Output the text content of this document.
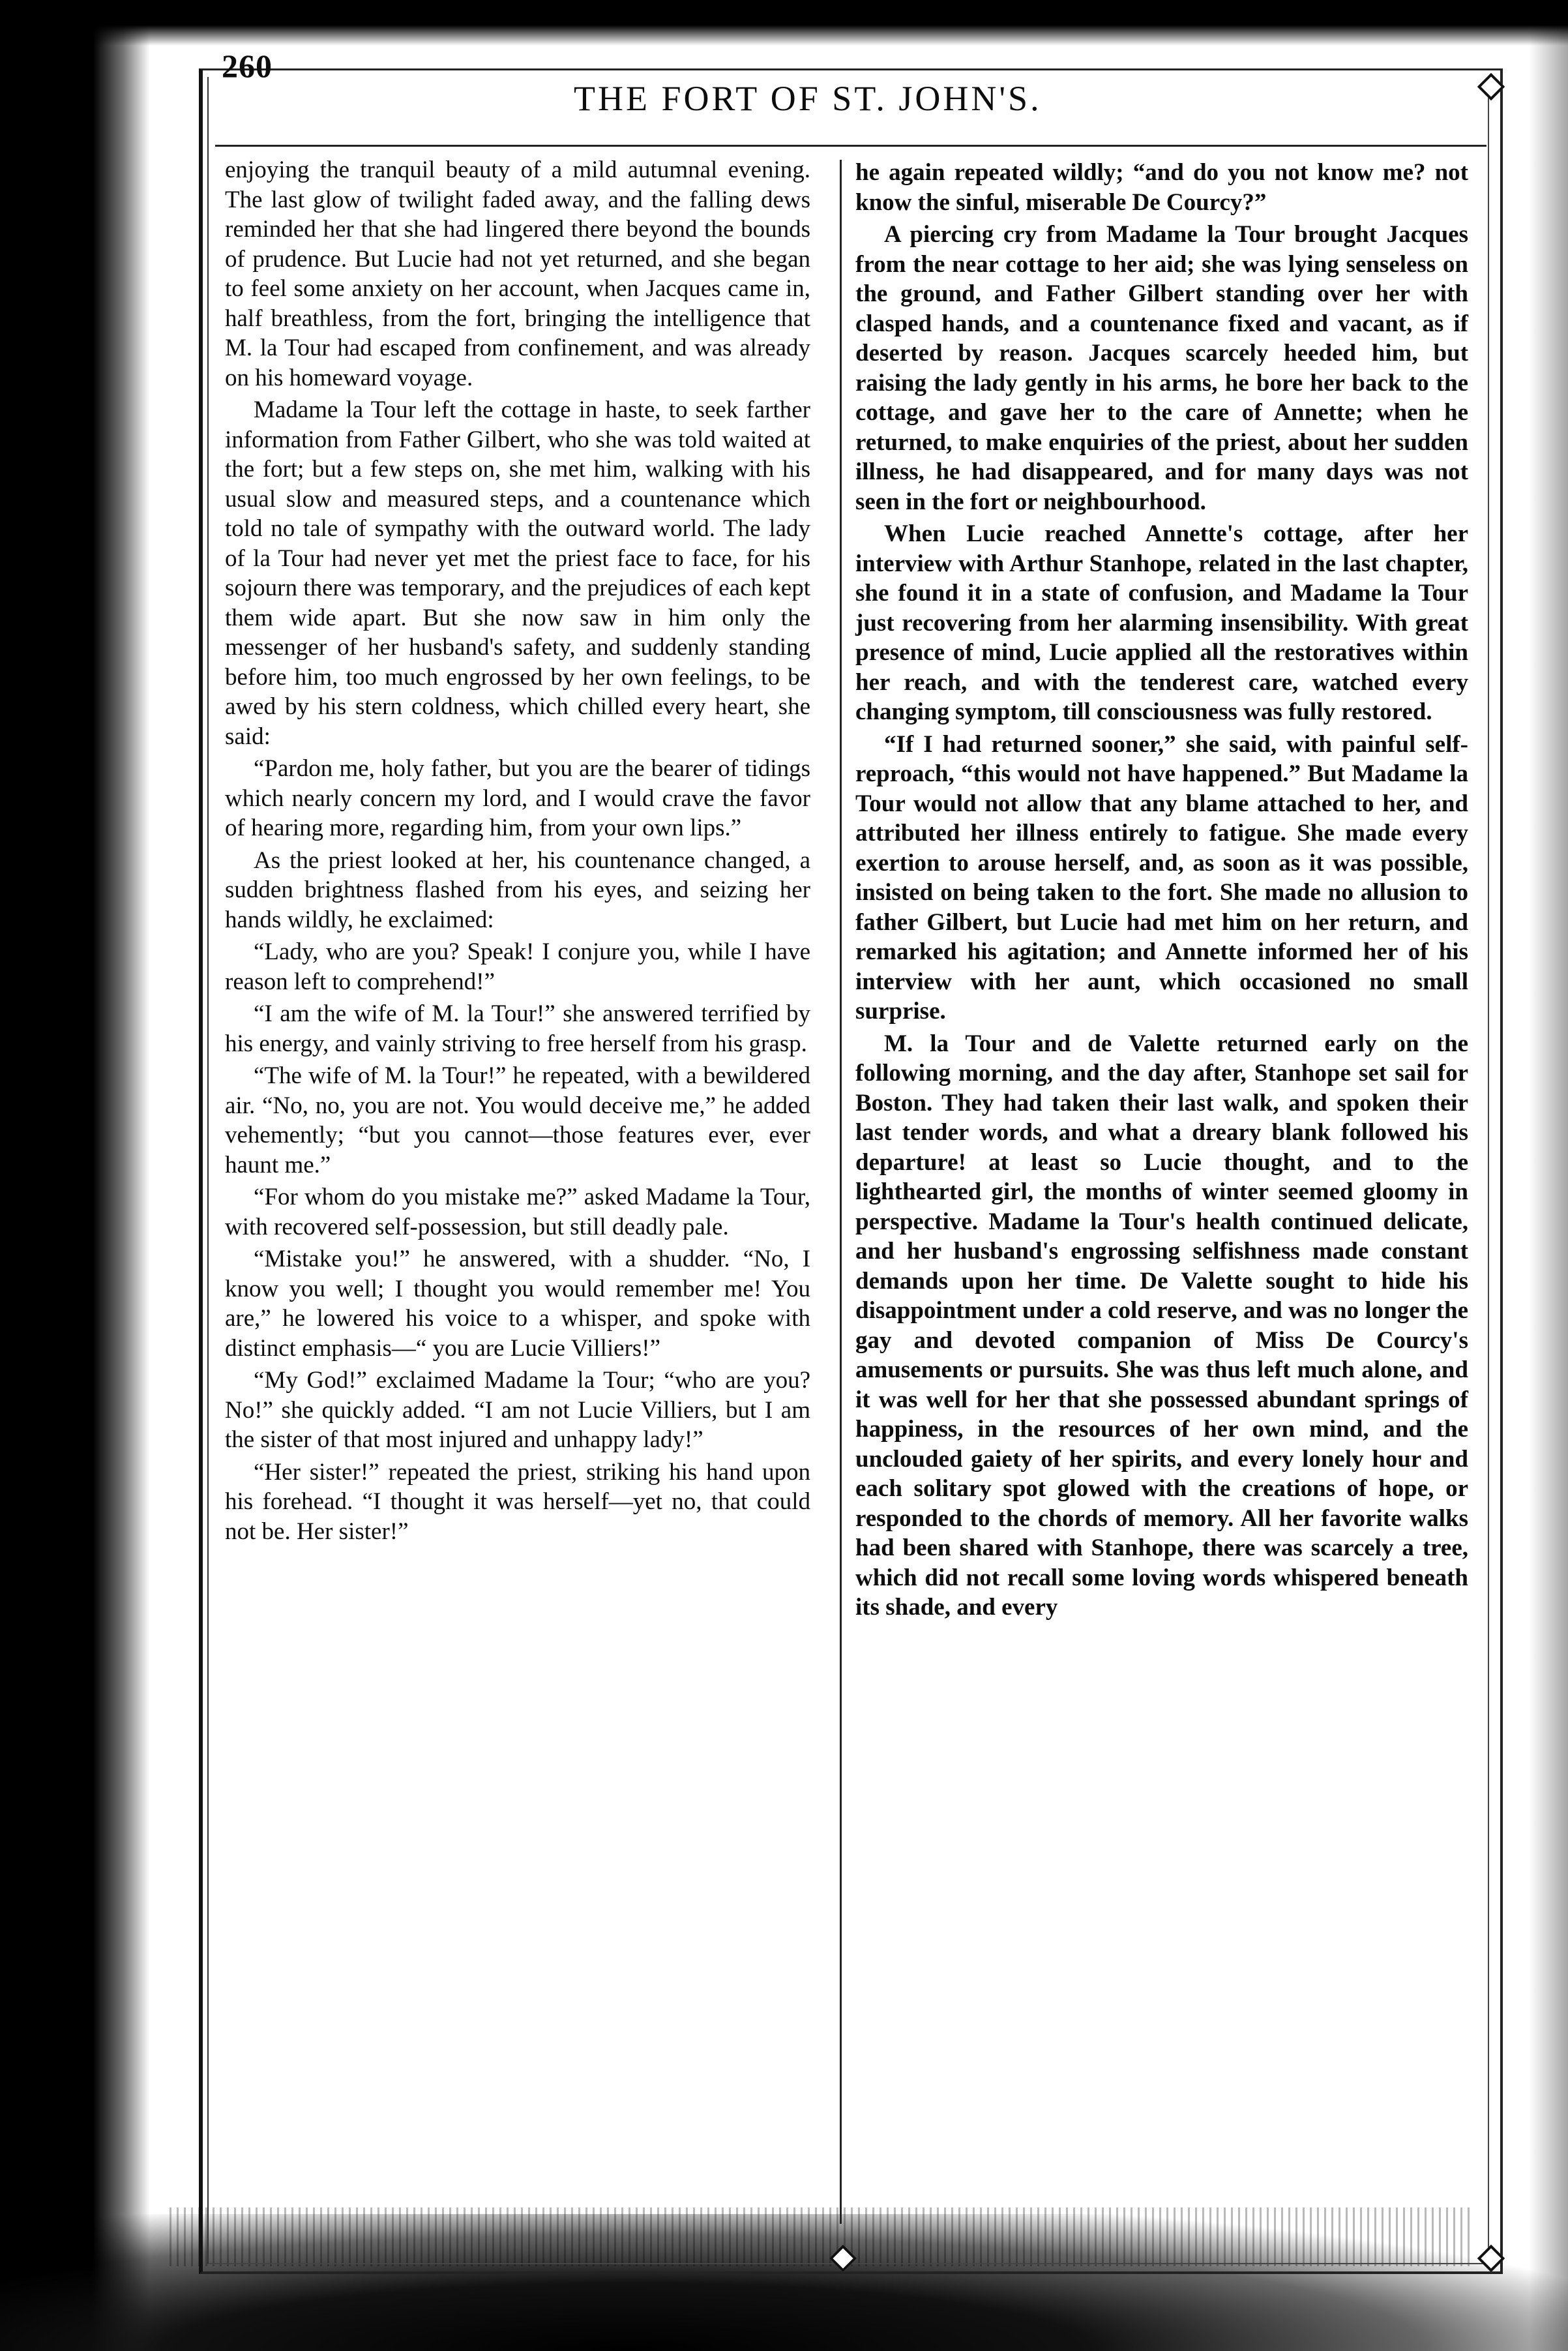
260
THE FORT OF ST. JOHN'S.

enjoying the tranquil beauty of a mild autumnal evening. The last glow of twilight faded away, and the falling dews reminded her that she had lingered there beyond the bounds of prudence. But Lucie had not yet returned, and she began to feel some anxiety on her account, when Jacques came in, half breathless, from the fort, bringing the intelligence that M. la Tour had escaped from confinement, and was already on his homeward voyage.

Madame la Tour left the cottage in haste, to seek farther information from Father Gilbert, who she was told waited at the fort; but a few steps on, she met him, walking with his usual slow and measured steps, and a countenance which told no tale of sympathy with the outward world. The lady of la Tour had never yet met the priest face to face, for his sojourn there was temporary, and the prejudices of each kept them wide apart. But she now saw in him only the messenger of her husband's safety, and suddenly standing before him, too much engrossed by her own feelings, to be awed by his stern coldness, which chilled every heart, she said:

“Pardon me, holy father, but you are the bearer of tidings which nearly concern my lord, and I would crave the favor of hearing more, regarding him, from your own lips.”

As the priest looked at her, his countenance changed, a sudden brightness flashed from his eyes, and seizing her hands wildly, he exclaimed:

“Lady, who are you? Speak! I conjure you, while I have reason left to comprehend!”

“I am the wife of M. la Tour!” she answered terrified by his energy, and vainly striving to free herself from his grasp.

“The wife of M. la Tour!” he repeated, with a bewildered air. “No, no, you are not. You would deceive me,” he added vehemently; “but you cannot—those features ever, ever haunt me.”

“For whom do you mistake me?” asked Madame la Tour, with recovered self-possession, but still deadly pale.

“Mistake you!” he answered, with a shudder. “No, I know you well; I thought you would remember me! You are,” he lowered his voice to a whisper, and spoke with distinct emphasis—“ you are Lucie Villiers!”

“My God!” exclaimed Madame la Tour; “who are you? No!” she quickly added. “I am not Lucie Villiers, but I am the sister of that most injured and unhappy lady!”

“Her sister!” repeated the priest, striking his hand upon his forehead. “I thought it was herself—yet no, that could not be. Her sister!”

he again repeated wildly; “and do you not know me? not know the sinful, miserable De Courcy?”

A piercing cry from Madame la Tour brought Jacques from the near cottage to her aid; she was lying senseless on the ground, and Father Gilbert standing over her with clasped hands, and a countenance fixed and vacant, as if deserted by reason. Jacques scarcely heeded him, but raising the lady gently in his arms, he bore her back to the cottage, and gave her to the care of Annette; when he returned, to make enquiries of the priest, about her sudden illness, he had disappeared, and for many days was not seen in the fort or neighbourhood.

When Lucie reached Annette's cottage, after her interview with Arthur Stanhope, related in the last chapter, she found it in a state of confusion, and Madame la Tour just recovering from her alarming insensibility. With great presence of mind, Lucie applied all the restoratives within her reach, and with the tenderest care, watched every changing symptom, till consciousness was fully restored.

“If I had returned sooner,” she said, with painful self-reproach, “this would not have happened.” But Madame la Tour would not allow that any blame attached to her, and attributed her illness entirely to fatigue. She made every exertion to arouse herself, and, as soon as it was possible, insisted on being taken to the fort. She made no allusion to father Gilbert, but Lucie had met him on her return, and remarked his agitation; and Annette informed her of his interview with her aunt, which occasioned no small surprise.

M. la Tour and de Valette returned early on the following morning, and the day after, Stanhope set sail for Boston. They had taken their last walk, and spoken their last tender words, and what a dreary blank followed his departure! at least so Lucie thought, and to the lighthearted girl, the months of winter seemed gloomy in perspective. Madame la Tour's health continued delicate, and her husband's engrossing selfishness made constant demands upon her time. De Valette sought to hide his disappointment under a cold reserve, and was no longer the gay and devoted companion of Miss De Courcy's amusements or pursuits. She was thus left much alone, and it was well for her that she possessed abundant springs of happiness, in the resources of her own mind, and the unclouded gaiety of her spirits, and every lonely hour and each solitary spot glowed with the creations of hope, or responded to the chords of memory. All her favorite walks had been shared with Stanhope, there was scarcely a tree, which did not recall some loving words whispered beneath its shade, and every
